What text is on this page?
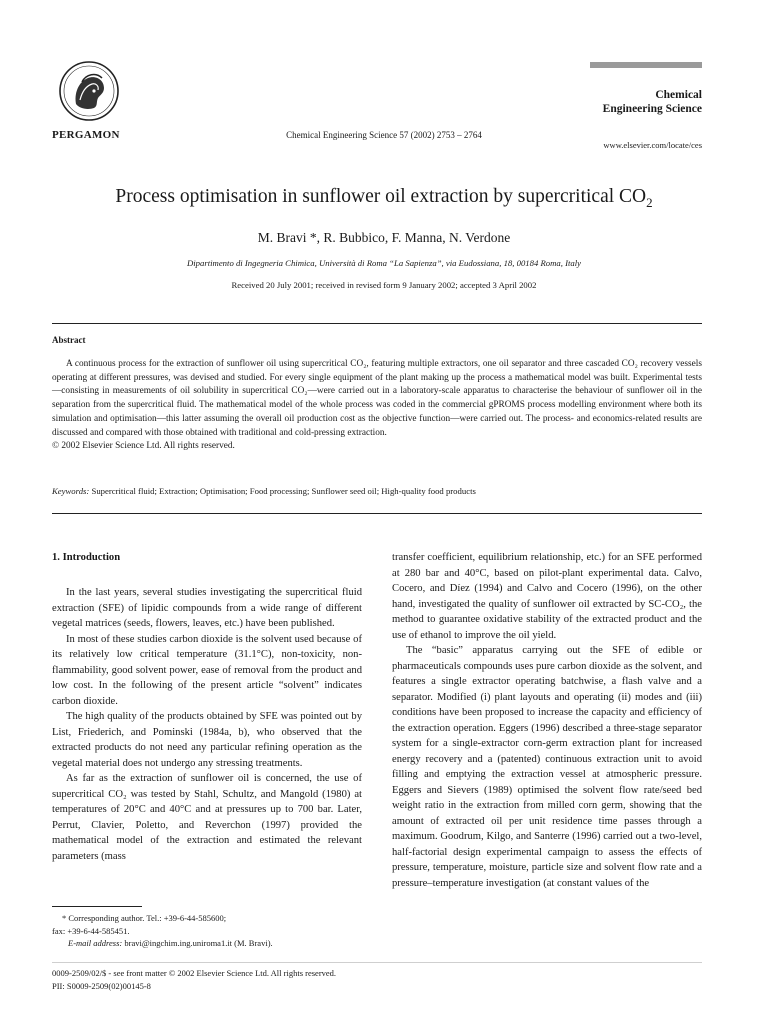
PERGAMON	Chemical Engineering Science 57 (2002) 2753 – 2764
Chemical
Engineering Science
www.elsevier.com/locate/ces
Process optimisation in sunflower oil extraction by supercritical $CO_2$
M. Bravi *, R. Bubbico, F. Manna, N. Verdone
Dipartimento di Ingegneria Chimica, Università di Roma “La Sapienza”, via Eudossiana, 18, 00184 Roma, Italy
Received 20 July 2001; received in revised form 9 January 2002; accepted 3 April 2002
Abstract

A continuous process for the extraction of sunflower oil using supercritical CO₂, featuring multiple extractors, one oil separator and three cascaded CO₂ recovery vessels operating at different pressures, was devised and studied. For every single equipment of the plant making up the process a mathematical model was built. Experimental tests—consisting in measurements of oil solubility in supercritical CO₂—were carried out in a laboratory-scale apparatus to characterise the behaviour of sunflower oil in the separation from the supercritical fluid. The mathematical model of the whole process was coded in the commercial gPROMS process modelling environment where both its simulation and optimisation—this latter assuming the overall oil production cost as the objective function—were carried out. The process- and economics-related results are discussed and compared with those obtained with traditional and cold-pressing extraction.

© 2002 Elsevier Science Ltd. All rights reserved.

Keywords: Supercritical fluid; Extraction; Optimisation; Food processing; Sunflower seed oil; High-quality food products
1. Introduction

In the last years, several studies investigating the supercritical fluid extraction (SFE) of lipidic compounds from a wide range of different vegetal matrices (seeds, flowers, leaves, etc.) have been published.

In most of these studies carbon dioxide is the solvent used because of its relatively low critical temperature (31.1°C), non-toxicity, non-flammability, good solvent power, ease of removal from the product and low cost. In the following of the present article “solvent” indicates carbon dioxide.

The high quality of the products obtained by SFE was pointed out by List, Friederich, and Pominski (1984a, b), who observed that the extracted products do not need any particular refining operation as the vegetal material does not undergo any stressing treatments.

As far as the extraction of sunflower oil is concerned, the use of supercritical CO₂ was tested by Stahl, Schultz, and Mangold (1980) at temperatures of 20°C and 40°C and at pressures up to 700 bar. Later, Perrut, Clavier, Poletto, and Reverchon (1997) provided the mathematical model of the extraction and estimated the relevant parameters (mass

transfer coefficient, equilibrium relationship, etc.) for an SFE performed at 280 bar and 40°C, based on pilot-plant experimental data. Calvo, Cocero, and Díez (1994) and Calvo and Cocero (1996), on the other hand, investigated the quality of sunflower oil extracted by SC-CO₂, the method to guarantee oxidative stability of the extracted product and the use of ethanol to improve the oil yield.

The “basic” apparatus carrying out the SFE of edible or pharmaceuticals compounds uses pure carbon dioxide as the solvent, and features a single extractor operating batchwise, a flash valve and a separator. Modified (i) plant layouts and operating (ii) modes and (iii) conditions have been proposed to increase the capacity and efficiency of the extraction operation. Eggers (1996) described a three-stage separator system for a single-extractor corn-germ extraction plant for increased energy recovery and a (patented) continuous extraction unit to avoid filling and emptying the extraction vessel at atmospheric pressure. Eggers and Sievers (1989) optimised the solvent flow rate/seed bed weight ratio in the extraction from milled corn germ, showing that the amount of extracted oil per unit residence time passes through a maximum. Goodrum, Kilgo, and Santerre (1996) carried out a two-level, half-factorial design experimental campaign to assess the effects of pressure, temperature, moisture, particle size and solvent flow rate and a pressure–temperature investigation (at constant values of the

* Corresponding author. Tel.: +39-6-44-585600;

fax: +39-6-44-585451.

E-mail address: bravi@ingchim.ing.uniroma1.it (M. Bravi).

0009-2509/02/$ - see front matter © 2002 Elsevier Science Ltd. All rights reserved.

PII: S0009-2509(02)00145-8
